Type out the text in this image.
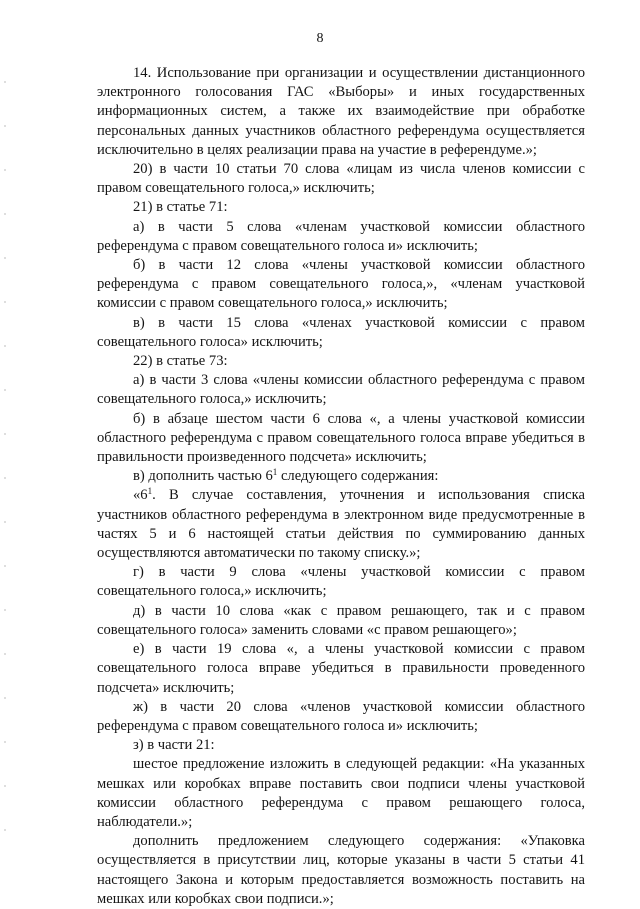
8

14. Использование при организации и осуществлении дистанционного электронного голосования ГАС «Выборы» и иных государственных информационных систем, а также их взаимодействие при обработке персональных данных участников областного референдума осуществляется исключительно в целях реализации права на участие в референдуме.»;

20) в части 10 статьи 70 слова «лицам из числа членов комиссии с правом совещательного голоса,» исключить;

21) в статье 71:

а) в части 5 слова «членам участковой комиссии областного референдума с правом совещательного голоса и» исключить;

б) в части 12 слова «члены участковой комиссии областного референдума с правом совещательного голоса,», «членам участковой комиссии с правом совещательного голоса,» исключить;

в) в части 15 слова «членах участковой комиссии с правом совещательного голоса» исключить;

22) в статье 73:

а) в части 3 слова «члены комиссии областного референдума с правом совещательного голоса,» исключить;

б) в абзаце шестом части 6 слова «, а члены участковой комиссии областного референдума с правом совещательного голоса вправе убедиться в правильности произведенного подсчета» исключить;

в) дополнить частью $6^1$ следующего содержания:

«$6^1$. В случае составления, уточнения и использования списка участников областного референдума в электронном виде предусмотренные в частях 5 и 6 настоящей статьи действия по суммированию данных осуществляются автоматически по такому списку.»;

г) в части 9 слова «члены участковой комиссии с правом совещательного голоса,» исключить;

д) в части 10 слова «как с правом решающего, так и с правом совещательного голоса» заменить словами «с правом решающего»;

е) в части 19 слова «, а члены участковой комиссии с правом совещательного голоса вправе убедиться в правильности проведенного подсчета» исключить;

ж) в части 20 слова «членов участковой комиссии областного референдума с правом совещательного голоса и» исключить;

з) в части 21:

шестое предложение изложить в следующей редакции: «На указанных мешках или коробках вправе поставить свои подписи члены участковой комиссии областного референдума с правом решающего голоса, наблюдатели.»;

дополнить предложением следующего содержания: «Упаковка осуществляется в присутствии лиц, которые указаны в части 5 статьи 41 настоящего Закона и которым предоставляется возможность поставить на мешках или коробках свои подписи.»;
